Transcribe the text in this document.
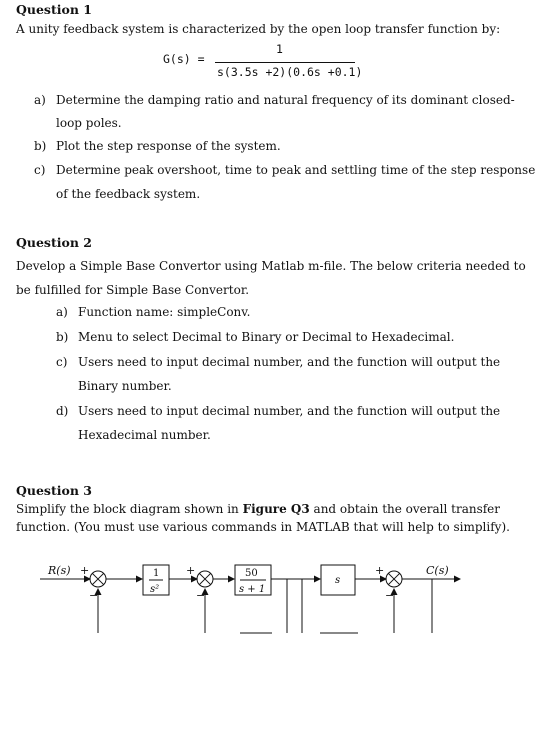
Question 1
A unity feedback system is characterized by the open loop transfer function by:
G(s) =
1
s(3.5s +2)(0.6s +0.1)
a) Determine the damping ratio and natural frequency of its dominant closed-
loop poles.
b) Plot the step response of the system.
c) Determine peak overshoot, time to peak and settling time of the step response
of the feedback system.
Question 2
Develop a Simple Base Convertor using Matlab m-file. The below criteria needed to
be fulfilled for Simple Base Convertor.
a) Function name: simpleConv.
b) Menu to select Decimal to Binary or Decimal to Hexadecimal.
c) Users need to input decimal number, and the function will output the
Binary number.
d) Users need to input decimal number, and the function will output the
Hexadecimal number.
Question 3
Simplify the block diagram shown in Figure Q3 and obtain the overall transfer
function. (You must use various commands in MATLAB that will help to simplify).
R(s) +
−
1
s²
+
−
50
s + 1
s
+
−
C(s)
